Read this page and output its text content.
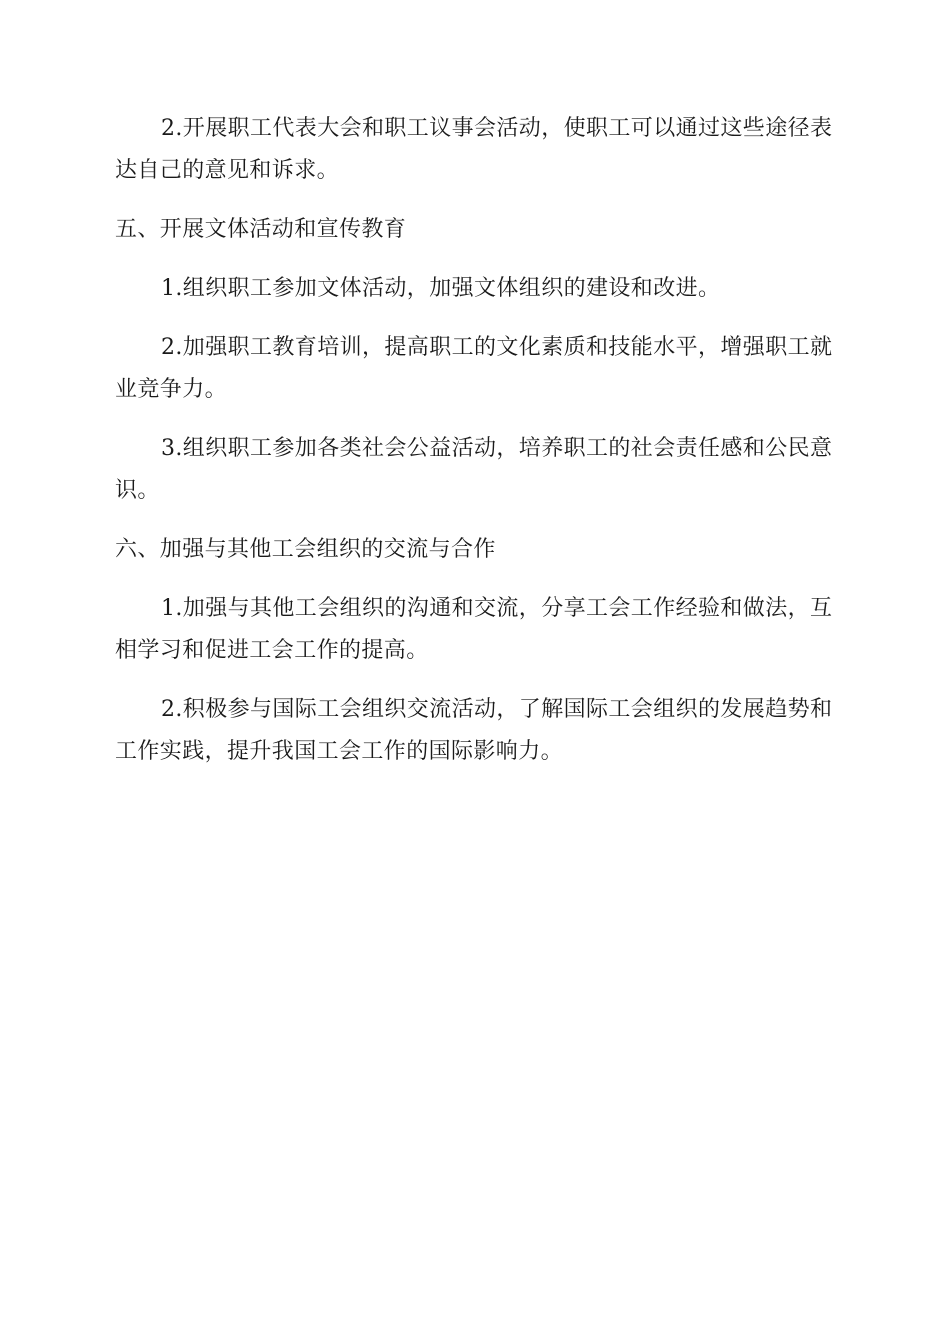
2.开展职工代表大会和职工议事会活动，使职工可以通过这些途径表达自己的意见和诉求。

五、开展文体活动和宣传教育

1.组织职工参加文体活动，加强文体组织的建设和改进。

2.加强职工教育培训，提高职工的文化素质和技能水平，增强职工就业竞争力。

3.组织职工参加各类社会公益活动，培养职工的社会责任感和公民意识。

六、加强与其他工会组织的交流与合作

1.加强与其他工会组织的沟通和交流，分享工会工作经验和做法，互相学习和促进工会工作的提高。

2.积极参与国际工会组织交流活动，了解国际工会组织的发展趋势和工作实践，提升我国工会工作的国际影响力。
